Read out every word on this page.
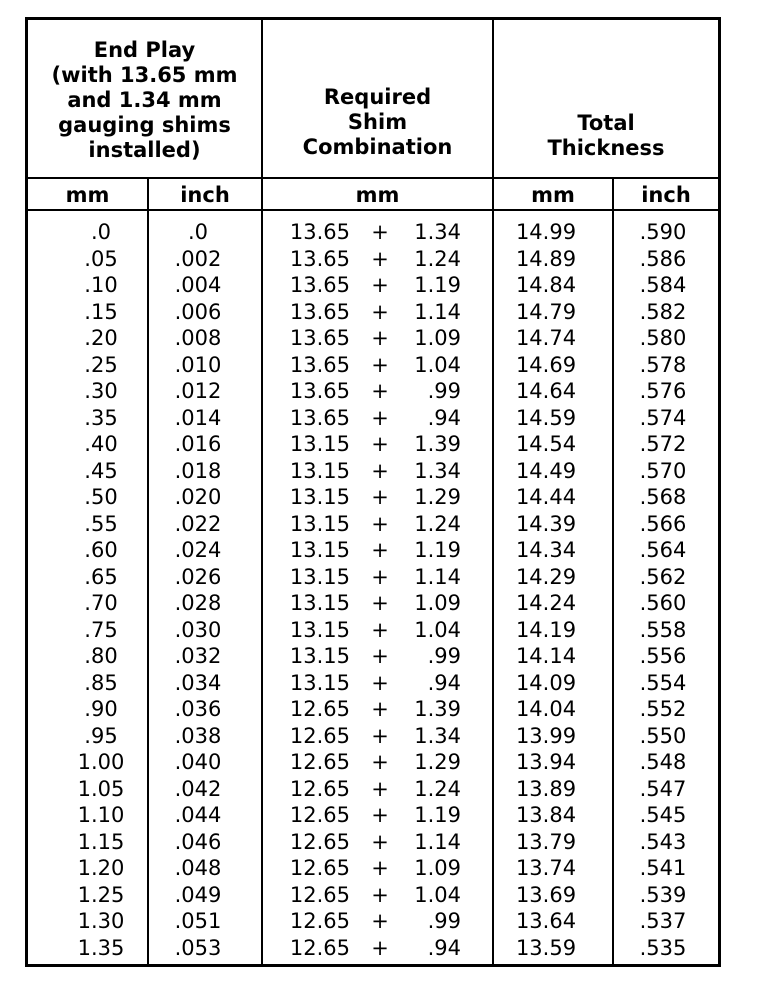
End Play
(with 13.65 mm
and 1.34 mm
gauging shims
installed)
Required
Shim
Combination
Total
Thickness
mm	inch	mm	mm	inch
.0	.0	13.65 +	1.34	14.99	.590
.05	.002	13.65 +	1.24	14.89	.586
.10	.004	13.65 +	1.19	14.84	.584
.15	.006	13.65 +	1.14	14.79	.582
.20	.008	13.65 +	1.09	14.74	.580
.25	.010	13.65 +	1.04	14.69	.578
.30	.012	13.65 +	.99	14.64	.576
.35	.014	13.65 +	.94	14.59	.574
.40	.016	13.15 +	1.39	14.54	.572
.45	.018	13.15 +	1.34	14.49	.570
.50	.020	13.15 +	1.29	14.44	.568
.55	.022	13.15 +	1.24	14.39	.566
.60	.024	13.15 +	1.19	14.34	.564
.65	.026	13.15 +	1.14	14.29	.562
.70	.028	13.15 +	1.09	14.24	.560
.75	.030	13.15 +	1.04	14.19	.558
.80	.032	13.15 +	.99	14.14	.556
.85	.034	13.15 +	.94	14.09	.554
.90	.036	12.65 +	1.39	14.04	.552
.95	.038	12.65 +	1.34	13.99	.550
1.00	.040	12.65 +	1.29	13.94	.548
1.05	.042	12.65 +	1.24	13.89	.547
1.10	.044	12.65 +	1.19	13.84	.545
1.15	.046	12.65 +	1.14	13.79	.543
1.20	.048	12.65 +	1.09	13.74	.541
1.25	.049	12.65 +	1.04	13.69	.539
1.30	.051	12.65 +	.99	13.64	.537
1.35	.053	12.65 +	.94	13.59	.535
